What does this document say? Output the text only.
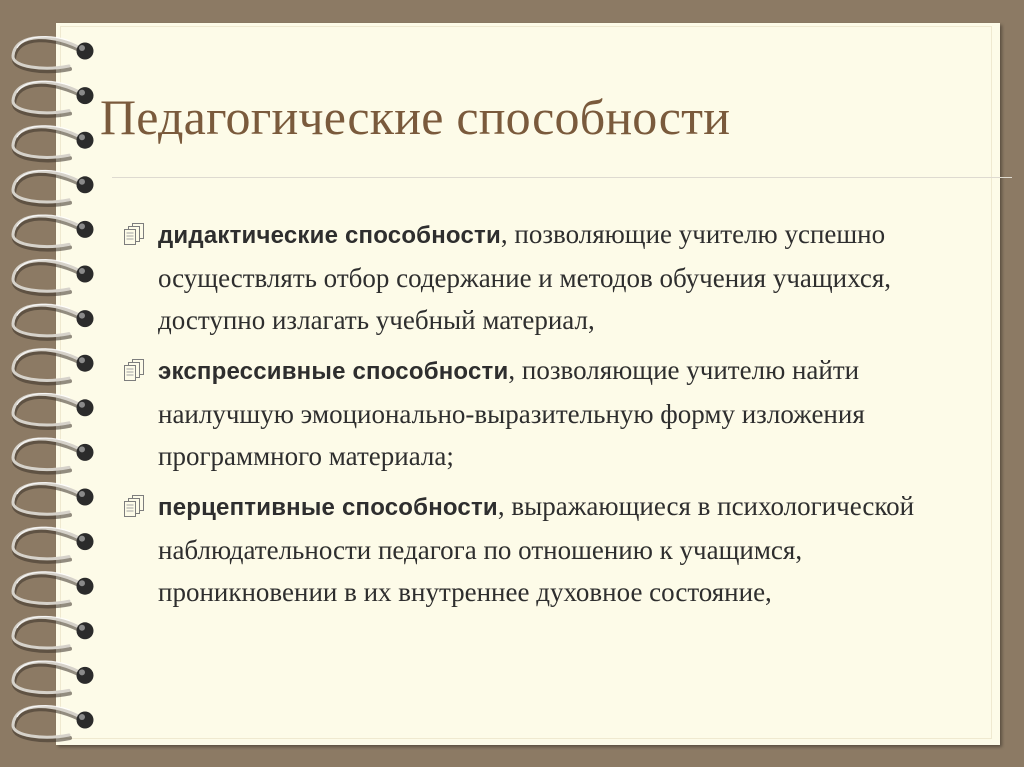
Педагогические способности
дидактические способности, позволяющие учителю успешно осуществлять отбор содержание и методов обучения учащихся, доступно излагать учебный материал,
экспрессивные способности, позволяющие учителю найти наилучшую эмоционально-выразительную форму изложения программного материала;
перцептивные способности, выражающиеся в психологической наблюдательности педагога по отношению к учащимся, проникновении в их внутреннее духовное состояние,
